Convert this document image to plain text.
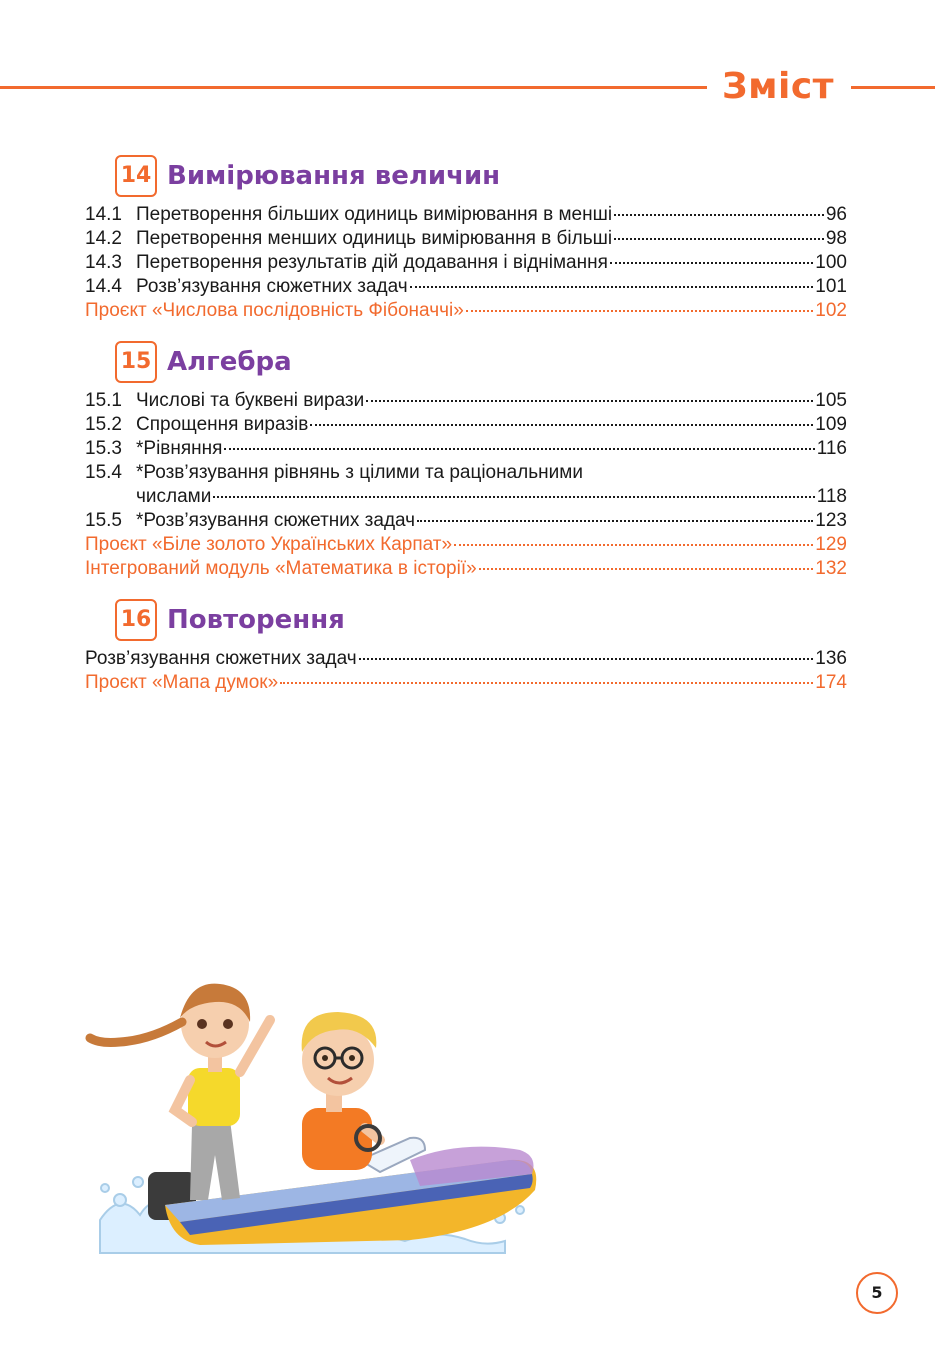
Зміст
14 Вимірювання величин
14.1 Перетворення більших одиниць вимірювання в менші	96
14.2 Перетворення менших одиниць вимірювання в більші	98
14.3 Перетворення результатів дій додавання і віднімання	100
14.4 Розв’язування сюжетних задач	101
Проєкт «Числова послідовність Фібоначчі»	102
15 Алгебра
15.1 Числові та буквені вирази	105
15.2 Спрощення виразів	109
15.3 *Рівняння	116
15.4 *Розв’язування рівнянь з цілими та раціональними
числами	118
15.5 *Розв’язування сюжетних задач	123
Проєкт «Біле золото Українських Карпат»	129
Інтегрований модуль «Математика в історії»	132
16 Повторення
Розв’язування сюжетних задач	136
Проєкт «Мапа думок»	174
5
